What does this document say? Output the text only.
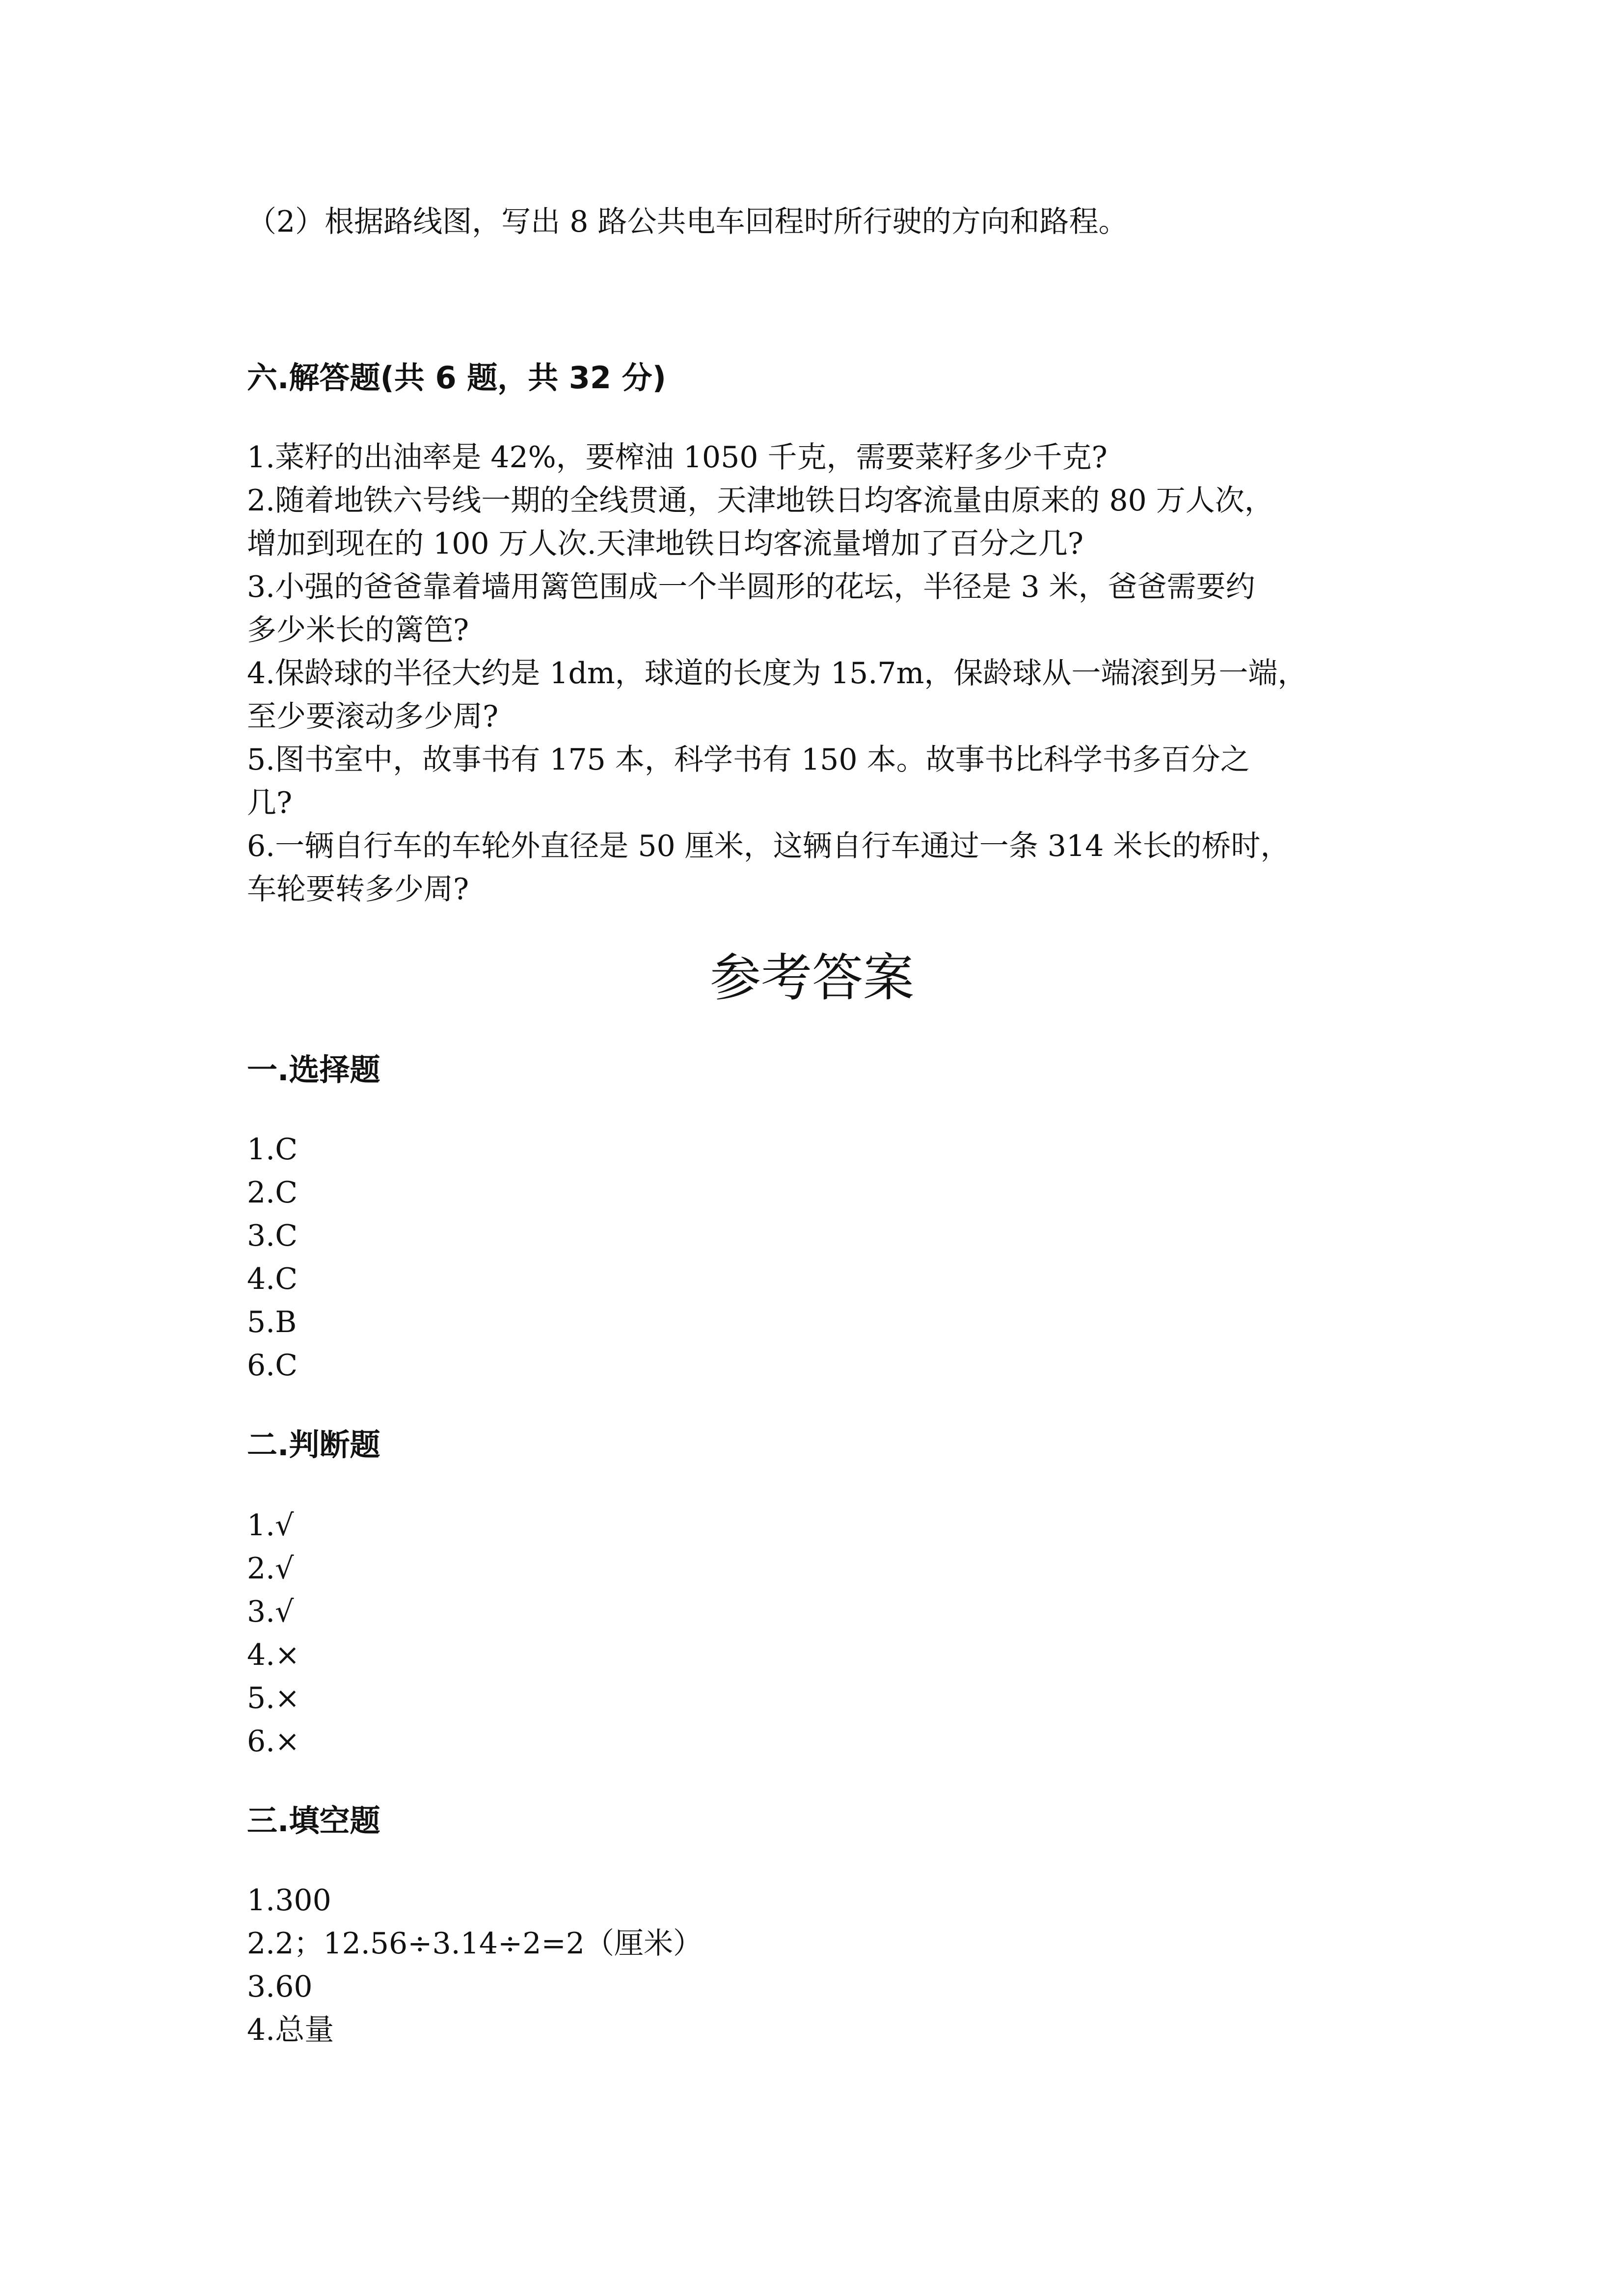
（2）根据路线图，写出 8 路公共电车回程时所行驶的方向和路程。
六.解答题(共 6 题，共 32 分)
1.菜籽的出油率是 42%，要榨油 1050 千克，需要菜籽多少千克?
2.随着地铁六号线一期的全线贯通，天津地铁日均客流量由原来的 80 万人次，
增加到现在的 100 万人次.天津地铁日均客流量增加了百分之几?
3.小强的爸爸靠着墙用篱笆围成一个半圆形的花坛，半径是 3 米，爸爸需要约
多少米长的篱笆?
4.保龄球的半径大约是 1dm，球道的长度为 15.7m，保龄球从一端滚到另一端，
至少要滚动多少周?
5.图书室中，故事书有 175 本，科学书有 150 本。故事书比科学书多百分之
几?
6.一辆自行车的车轮外直径是 50 厘米，这辆自行车通过一条 314 米长的桥时，
车轮要转多少周?
参考答案
一.选择题
1.C
2.C
3.C
4.C
5.B
6.C
二.判断题
1.√
2.√
3.√
4.×
5.×
6.×
三.填空题
1.300
2.2；12.56÷3.14÷2=2（厘米）
3.60
4.总量
